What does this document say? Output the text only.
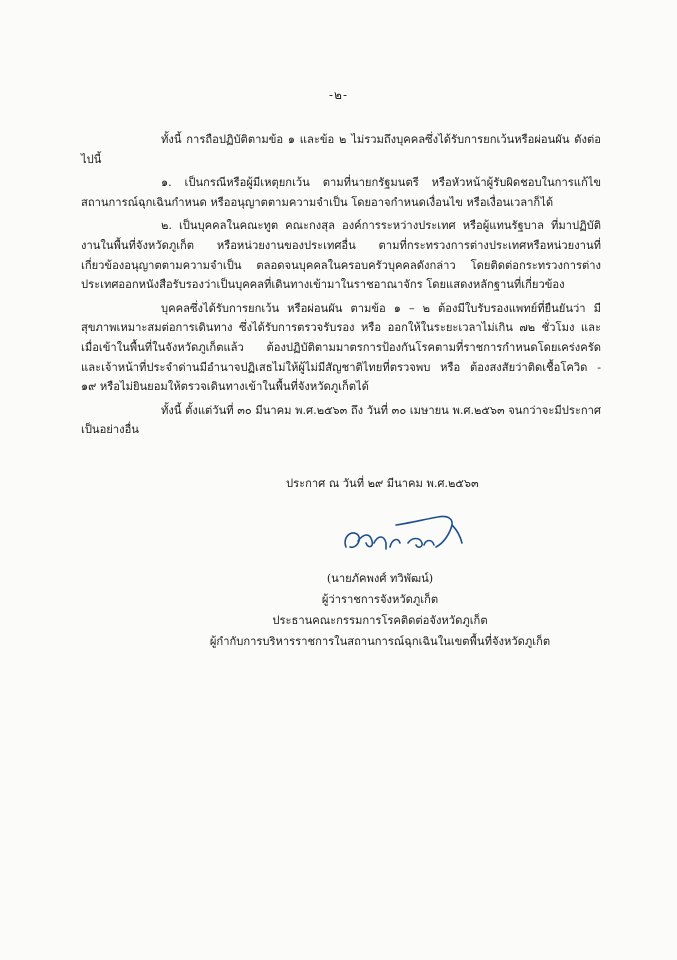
-๒-

ทั้งนี้ การถือปฏิบัติตามข้อ ๑ และข้อ ๒ ไม่รวมถึงบุคคลซึ่งได้รับการยกเว้นหรือผ่อนผัน ดังต่อไปนี้

๑. เป็นกรณีหรือผู้มีเหตุยกเว้น ตามที่นายกรัฐมนตรี หรือหัวหน้าผู้รับผิดชอบในการแก้ไขสถานการณ์ฉุกเฉินกำหนด หรืออนุญาตตามความจำเป็น โดยอาจกำหนดเงื่อนไข หรือเงื่อนเวลาก็ได้

๒. เป็นบุคคลในคณะทูต คณะกงสุล องค์การระหว่างประเทศ หรือผู้แทนรัฐบาล ที่มาปฏิบัติงานในพื้นที่จังหวัดภูเก็ต หรือหน่วยงานของประเทศอื่น ตามที่กระทรวงการต่างประเทศหรือหน่วยงานที่เกี่ยวข้องอนุญาตตามความจำเป็น ตลอดจนบุคคลในครอบครัวบุคคลดังกล่าว โดยติดต่อกระทรวงการต่างประเทศออกหนังสือรับรองว่าเป็นบุคคลที่เดินทางเข้ามาในราชอาณาจักร โดยแสดงหลักฐานที่เกี่ยวข้อง

บุคคลซึ่งได้รับการยกเว้น หรือผ่อนผัน ตามข้อ ๑ – ๒ ต้องมีใบรับรองแพทย์ที่ยืนยันว่า มีสุขภาพเหมาะสมต่อการเดินทาง ซึ่งได้รับการตรวจรับรอง หรือ ออกให้ในระยะเวลาไม่เกิน ๗๒ ชั่วโมง และเมื่อเข้าในพื้นที่ในจังหวัดภูเก็ตแล้ว ต้องปฏิบัติตามมาตรการป้องกันโรคตามที่ราชการกำหนดโดยเคร่งครัด และเจ้าหน้าที่ประจำด่านมีอำนาจปฏิเสธไม่ให้ผู้ไม่มีสัญชาติไทยที่ตรวจพบ หรือ ต้องสงสัยว่าติดเชื้อโควิด - ๑๙ หรือไม่ยินยอมให้ตรวจเดินทางเข้าในพื้นที่จังหวัดภูเก็ตได้

ทั้งนี้ ตั้งแต่วันที่ ๓๐ มีนาคม พ.ศ.๒๕๖๓ ถึง วันที่ ๓๐ เมษายน พ.ศ.๒๕๖๓ จนกว่าจะมีประกาศเป็นอย่างอื่น

ประกาศ ณ วันที่ ๒๙ มีนาคม พ.ศ.๒๕๖๓
(นายภัคพงศ์ ทวิพัฒน์)
ผู้ว่าราชการจังหวัดภูเก็ต
ประธานคณะกรรมการโรคติดต่อจังหวัดภูเก็ต
ผู้กำกับการบริหารราชการในสถานการณ์ฉุกเฉินในเขตพื้นที่จังหวัดภูเก็ต
